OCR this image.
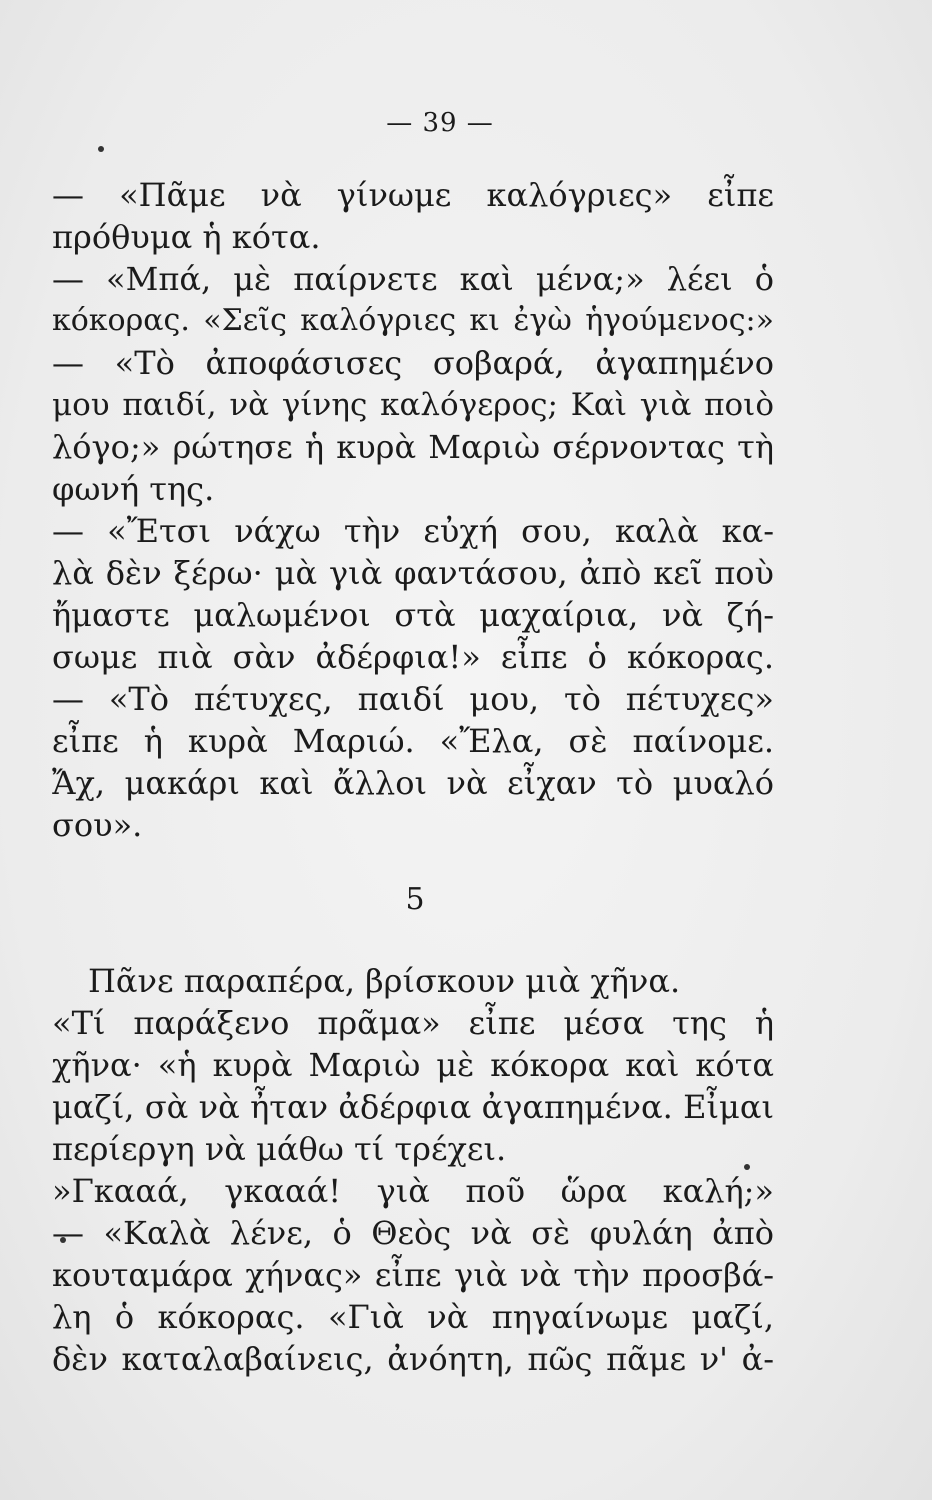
— 39 —
— «Πᾶμε νὰ γίνωμε καλόγριες» εἶπε
πρόθυμα ἡ κότα.
— «Μπά, μὲ παίρνετε καὶ μένα;» λέει ὁ
κόκορας. «Σεῖς καλόγριες κι ἐγὼ ἡγούμενος:»
— «Τὸ ἀποφάσισες σοβαρά, ἀγαπημένο
μου παιδί, νὰ γίνης καλόγερος; Καὶ γιὰ ποιὸ
λόγο;» ρώτησε ἡ κυρὰ Μαριὼ σέρνοντας τὴ
φωνή της.
— «Ἔτσι νάχω τὴν εὐχή σου, καλὰ κα-
λὰ δὲν ξέρω· μὰ γιὰ φαντάσου, ἀπὸ κεῖ ποὺ
ἤμαστε μαλωμένοι στὰ μαχαίρια, νὰ ζή-
σωμε πιὰ σὰν ἀδέρφια!» εἶπε ὁ κόκορας.
— «Τὸ πέτυχες, παιδί μου, τὸ πέτυχες»
εἶπε ἡ κυρὰ Μαριώ. «Ἔλα, σὲ παίνομε.
Ἄχ, μακάρι καὶ ἄλλοι νὰ εἶχαν τὸ μυαλό
σου».
5
Πᾶνε παραπέρα, βρίσκουν μιὰ χῆνα.
«Τί παράξενο πρᾶμα» εἶπε μέσα της ἡ
χῆνα· «ἡ κυρὰ Μαριὼ μὲ κόκορα καὶ κότα
μαζί, σὰ νὰ ἦταν ἀδέρφια ἀγαπημένα. Εἶμαι
περίεργη νὰ μάθω τί τρέχει.
»Γκααά, γκααά! γιὰ ποῦ ὥρα καλή;»
— «Καλὰ λένε, ὁ Θεὸς νὰ σὲ φυλάη ἀπὸ
κουταμάρα χήνας» εἶπε γιὰ νὰ τὴν προσβά-
λη ὁ κόκορας. «Γιὰ νὰ πηγαίνωμε μαζί,
δὲν καταλαβαίνεις, ἀνόητη, πῶς πᾶμε ν' ἀ-
